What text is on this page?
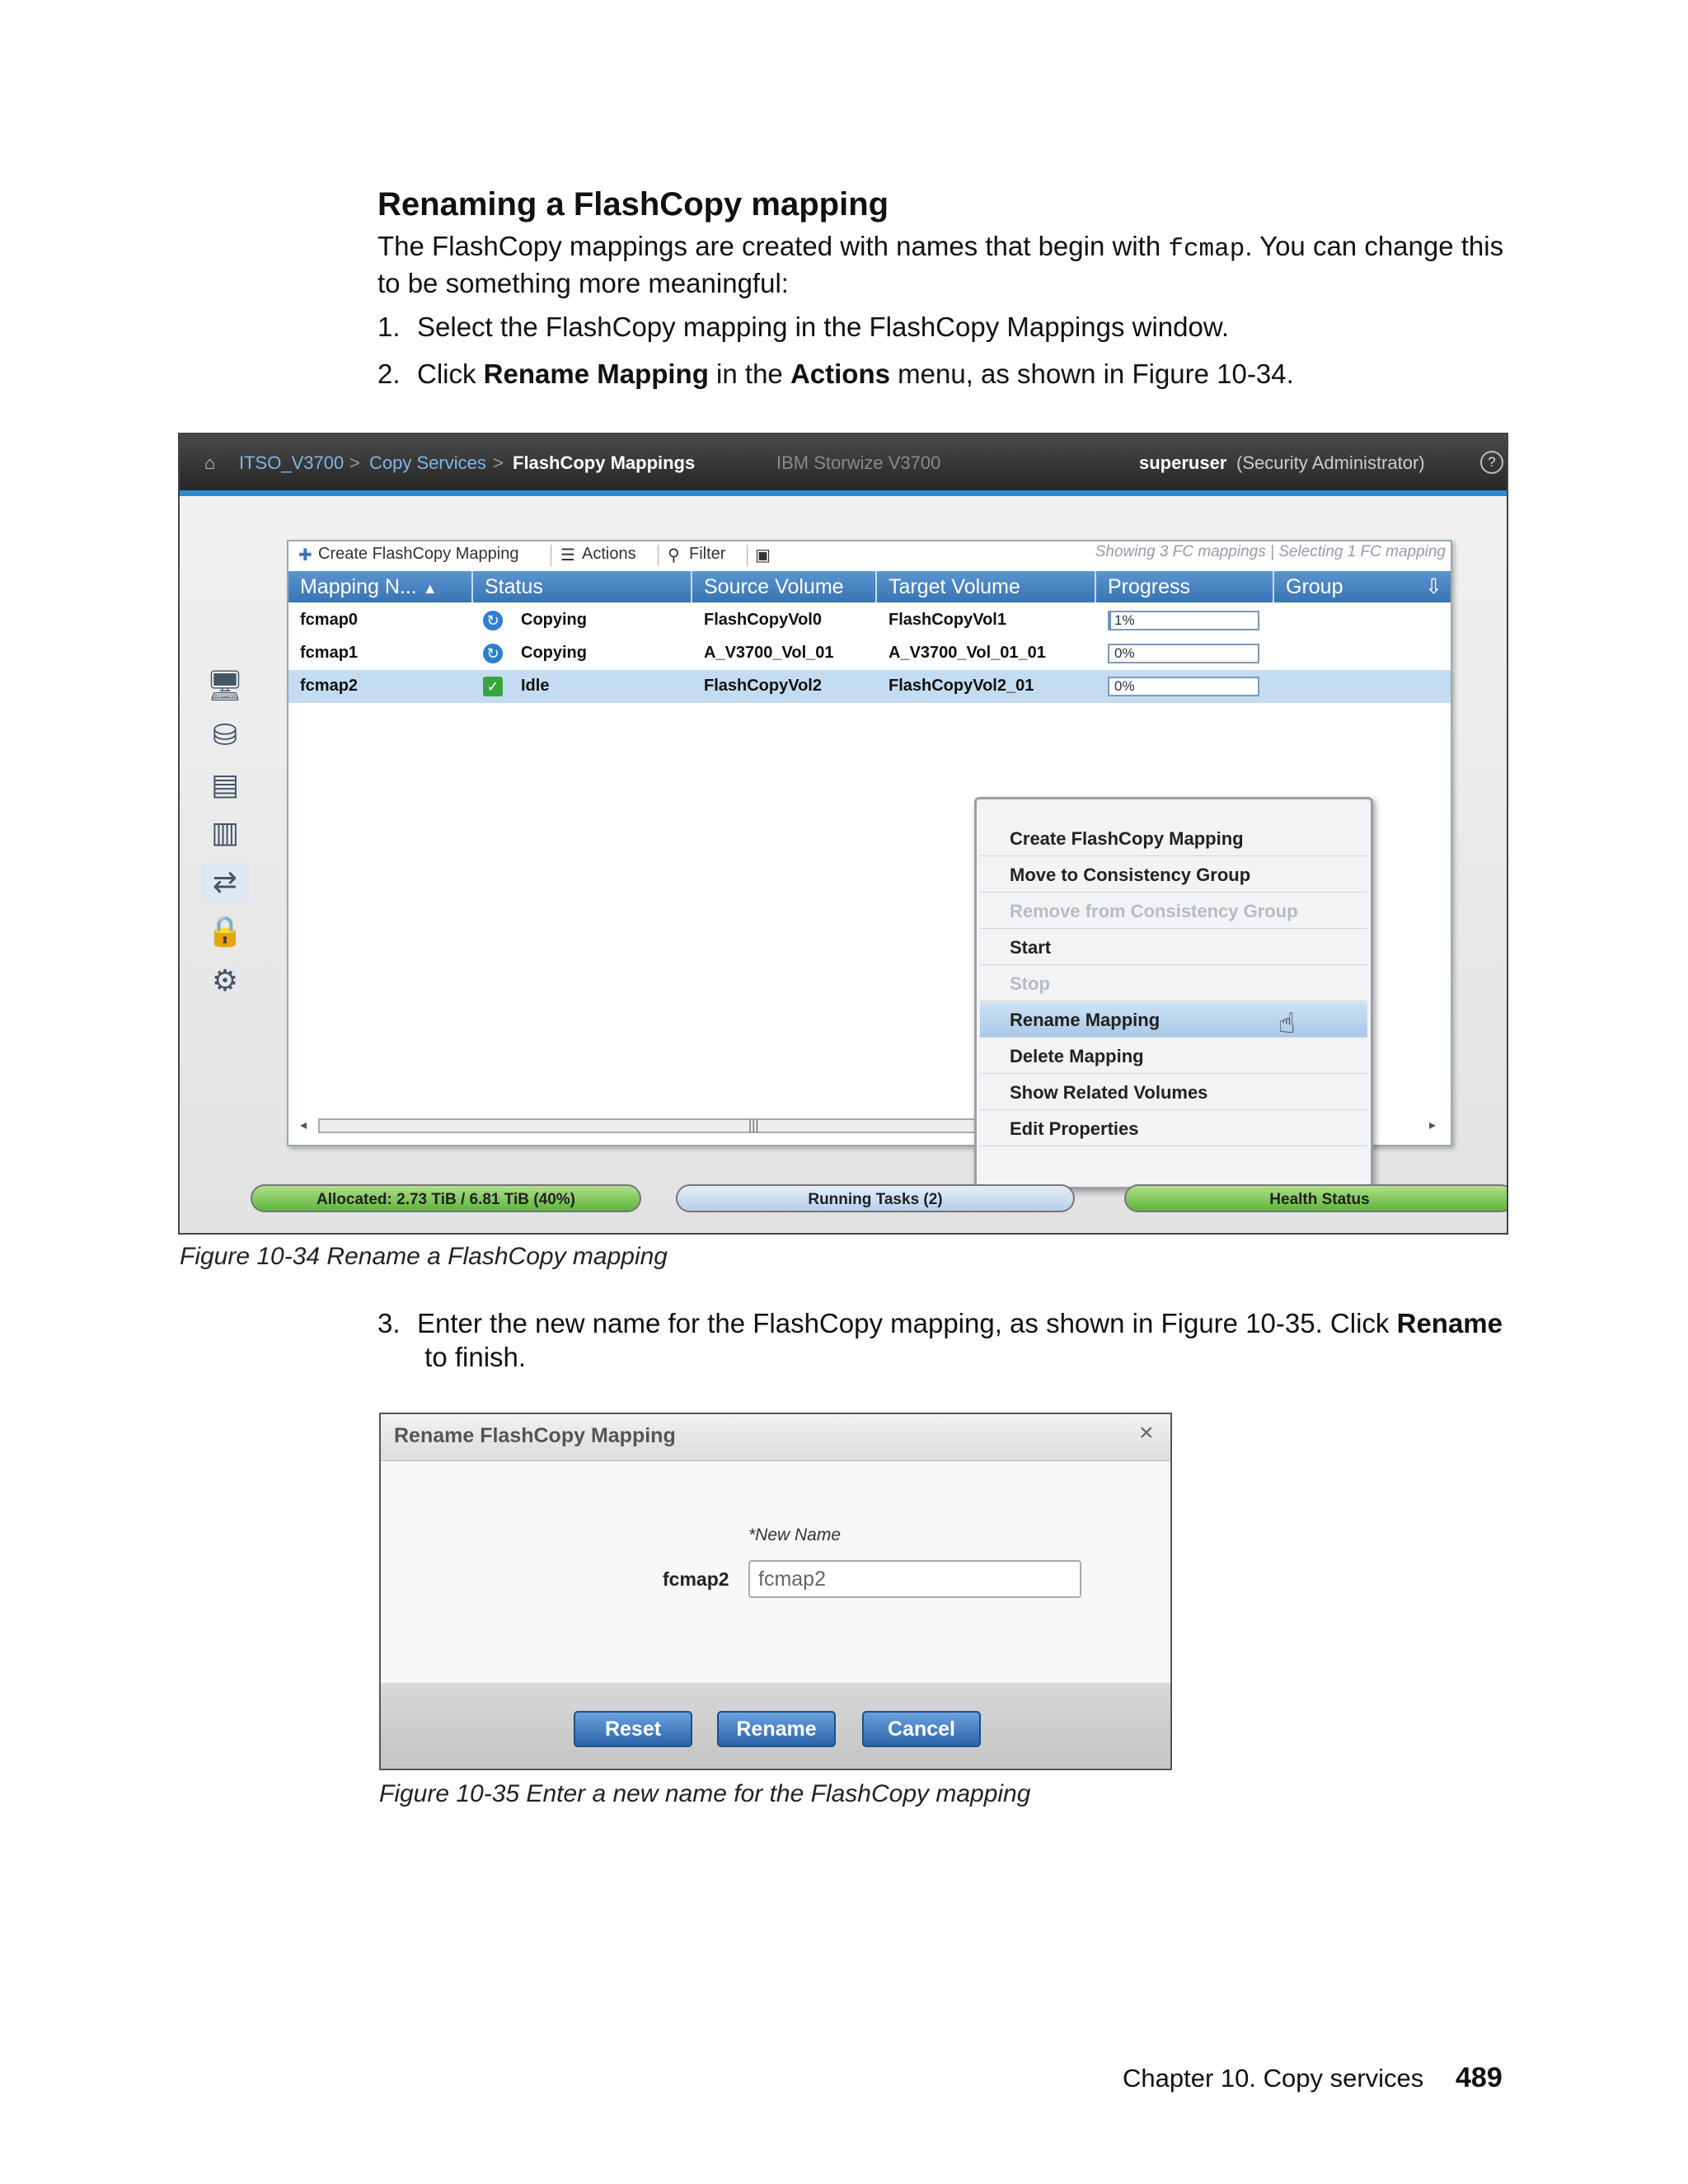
Renaming a FlashCopy mapping
The FlashCopy mappings are created with names that begin with fcmap. You can change this to be something more meaningful:
1. Select the FlashCopy mapping in the FlashCopy Mappings window.
2. Click Rename Mapping in the Actions menu, as shown in Figure 10-34.
⌂ ITSO_V3700 > Copy Services > FlashCopy Mappings	IBM Storwize V3700	superuser (Security Administrator)	?
🖥
⛁
▤
▥
⇄
🔒
⚙
✚ Create FlashCopy Mapping	☰ Actions ⚲ Filter ▣	Showing 3 FC mappings | Selecting 1 FC mapping
Mapping N... ▲	Status	Source Volume	Target Volume	Progress	Group	⇩
fcmap0	↻ Copying	FlashCopyVol0	FlashCopyVol1	1%
fcmap1	↻ Copying	A_V3700_Vol_01	A_V3700_Vol_01_01	0%
fcmap2	✓ Idle	FlashCopyVol2	FlashCopyVol2_01	0%
◂	|||	▸
Create FlashCopy Mapping
Move to Consistency Group
Remove from Consistency Group
Start
Stop
Rename Mapping	☝
Delete Mapping
Show Related Volumes
Edit Properties
Allocated: 2.73 TiB / 6.81 TiB (40%)	Running Tasks (2)	Health Status
Figure 10-34 Rename a FlashCopy mapping
3. Enter the new name for the FlashCopy mapping, as shown in Figure 10-35. Click Rename
to finish.
Rename FlashCopy Mapping	×
*New Name
fcmap2
fcmap2
Reset	Rename	Cancel
Figure 10-35 Enter a new name for the FlashCopy mapping
Chapter 10. Copy services 489
